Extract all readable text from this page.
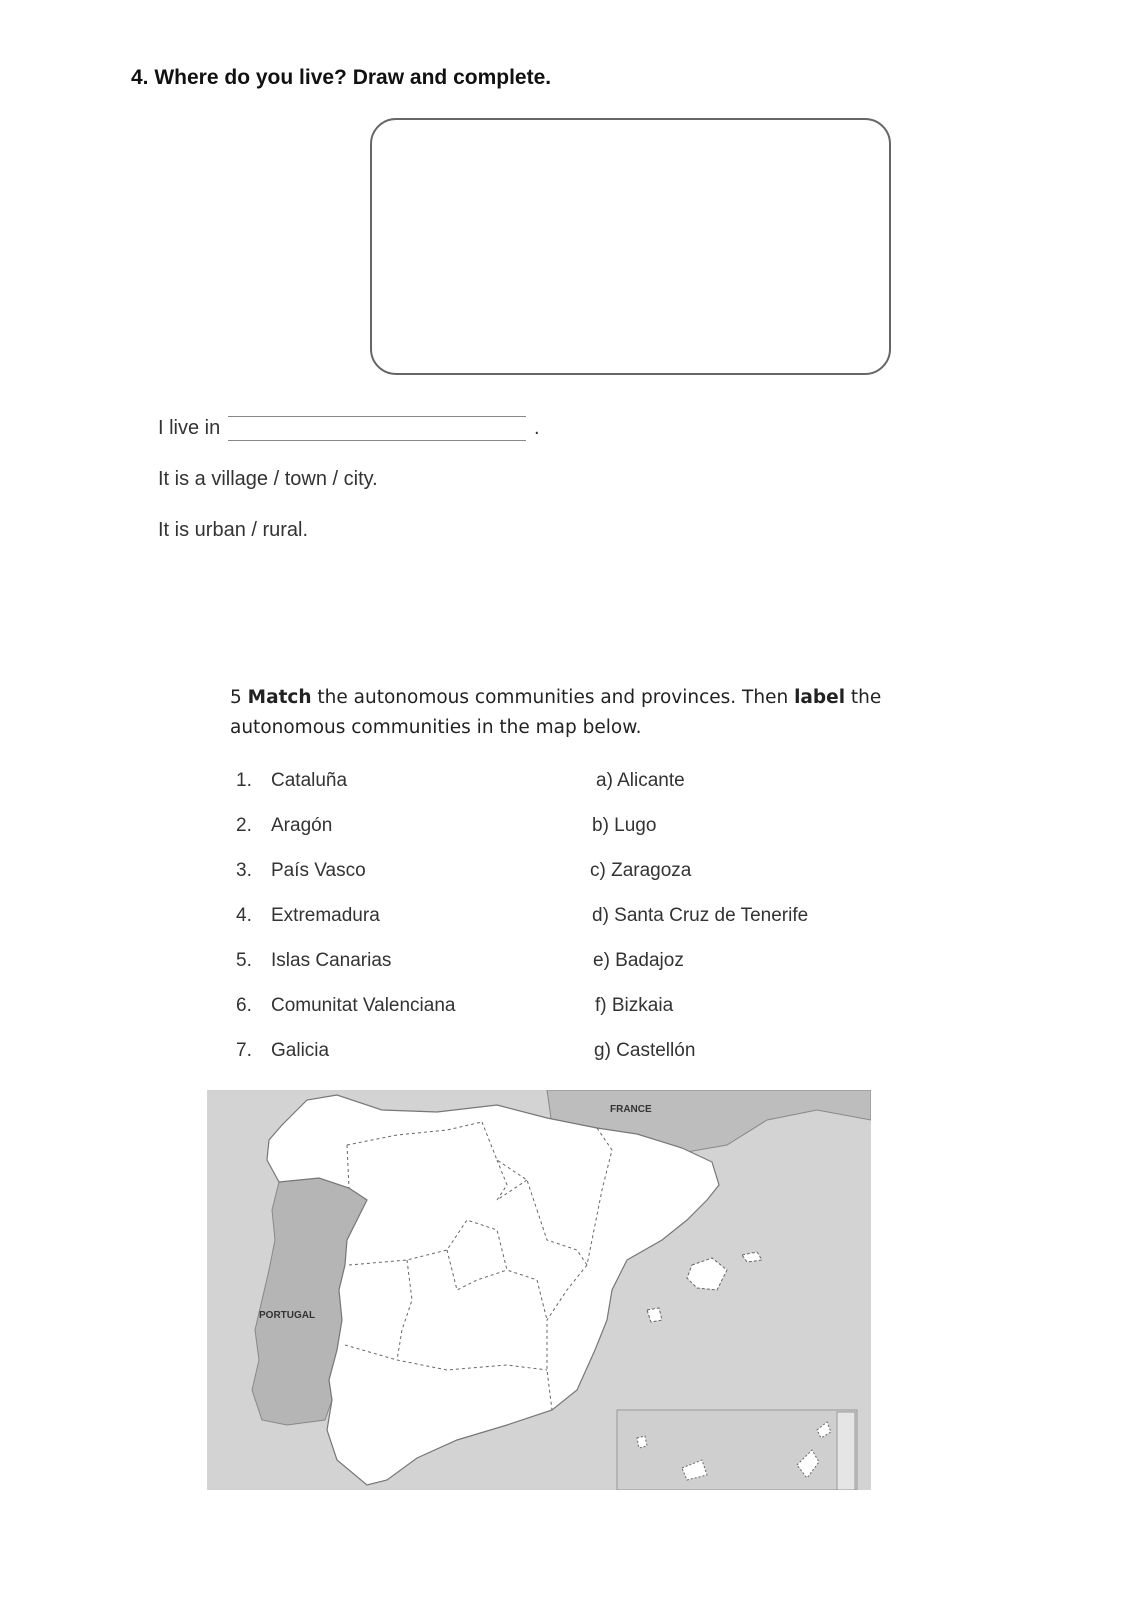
4. Where do you live? Draw and complete.
I live in	.
It is a village / town / city.
It is urban / rural.
5 Match the autonomous communities and provinces. Then label the autonomous communities in the map below.
1. Cataluña
2. Aragón
3. País Vasco
4. Extremadura
5. Islas Canarias
6. Comunitat Valenciana
7. Galicia
a) Alicante
b) Lugo
c) Zaragoza
d) Santa Cruz de Tenerife
e) Badajoz
f) Bizkaia
g) Castellón
FRANCE
PORTUGAL
